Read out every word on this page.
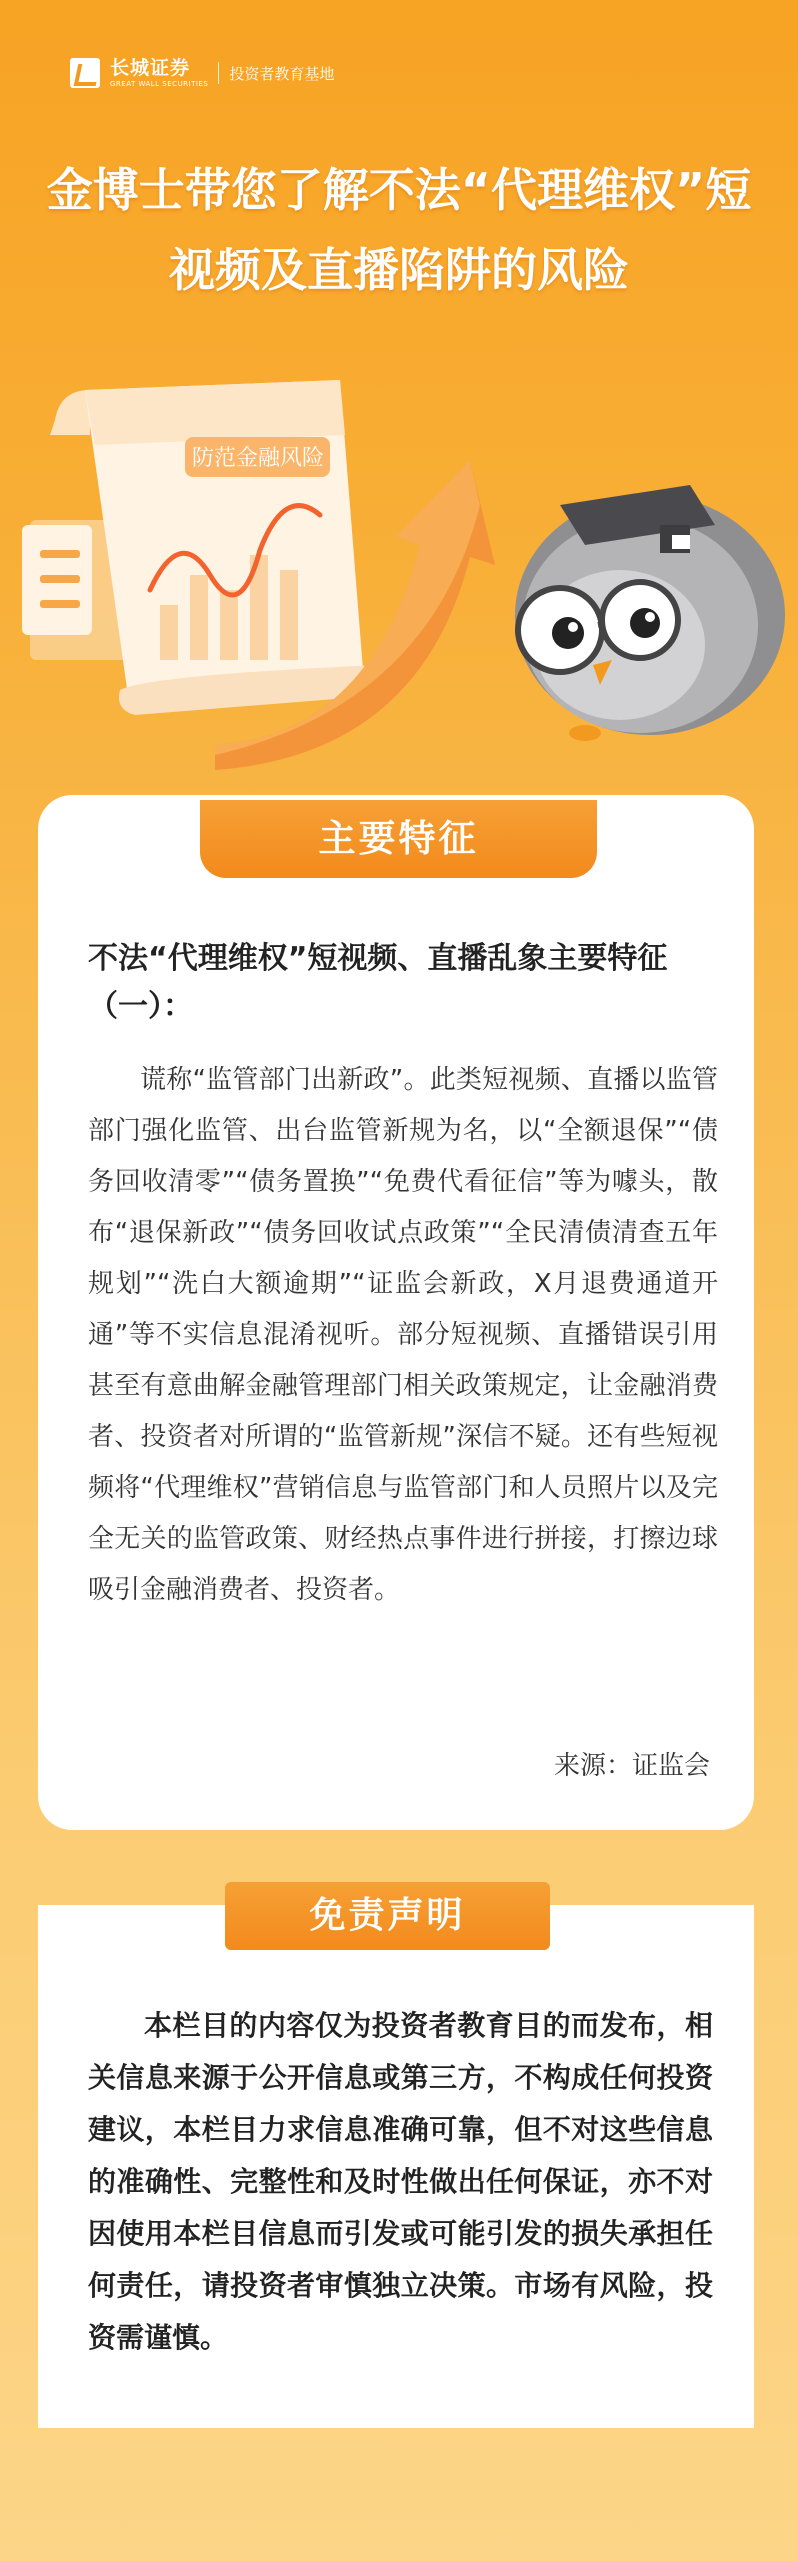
长城证券
GREAT WALL SECURITIES
投资者教育基地
金博士带您了解不法“代理维权”短视频及直播陷阱的风险
防范金融风险
主要特征
不法“代理维权”短视频、直播乱象主要特征（一）：
谎称“监管部门出新政”。此类短视频、直播以监管部门强化监管、出台监管新规为名，以“全额退保”“债务回收清零”“债务置换”“免费代看征信”等为噱头，散布“退保新政”“债务回收试点政策”“全民清债清查五年规划”“洗白大额逾期”“证监会新政，X月退费通道开通”等不实信息混淆视听。部分短视频、直播错误引用甚至有意曲解金融管理部门相关政策规定，让金融消费者、投资者对所谓的“监管新规”深信不疑。还有些短视频将“代理维权”营销信息与监管部门和人员照片以及完全无关的监管政策、财经热点事件进行拼接，打擦边球吸引金融消费者、投资者。
来源：证监会
免责声明
本栏目的内容仅为投资者教育目的而发布，相关信息来源于公开信息或第三方，不构成任何投资建议，本栏目力求信息准确可靠，但不对这些信息的准确性、完整性和及时性做出任何保证，亦不对因使用本栏目信息而引发或可能引发的损失承担任何责任，请投资者审慎独立决策。市场有风险，投资需谨慎。
